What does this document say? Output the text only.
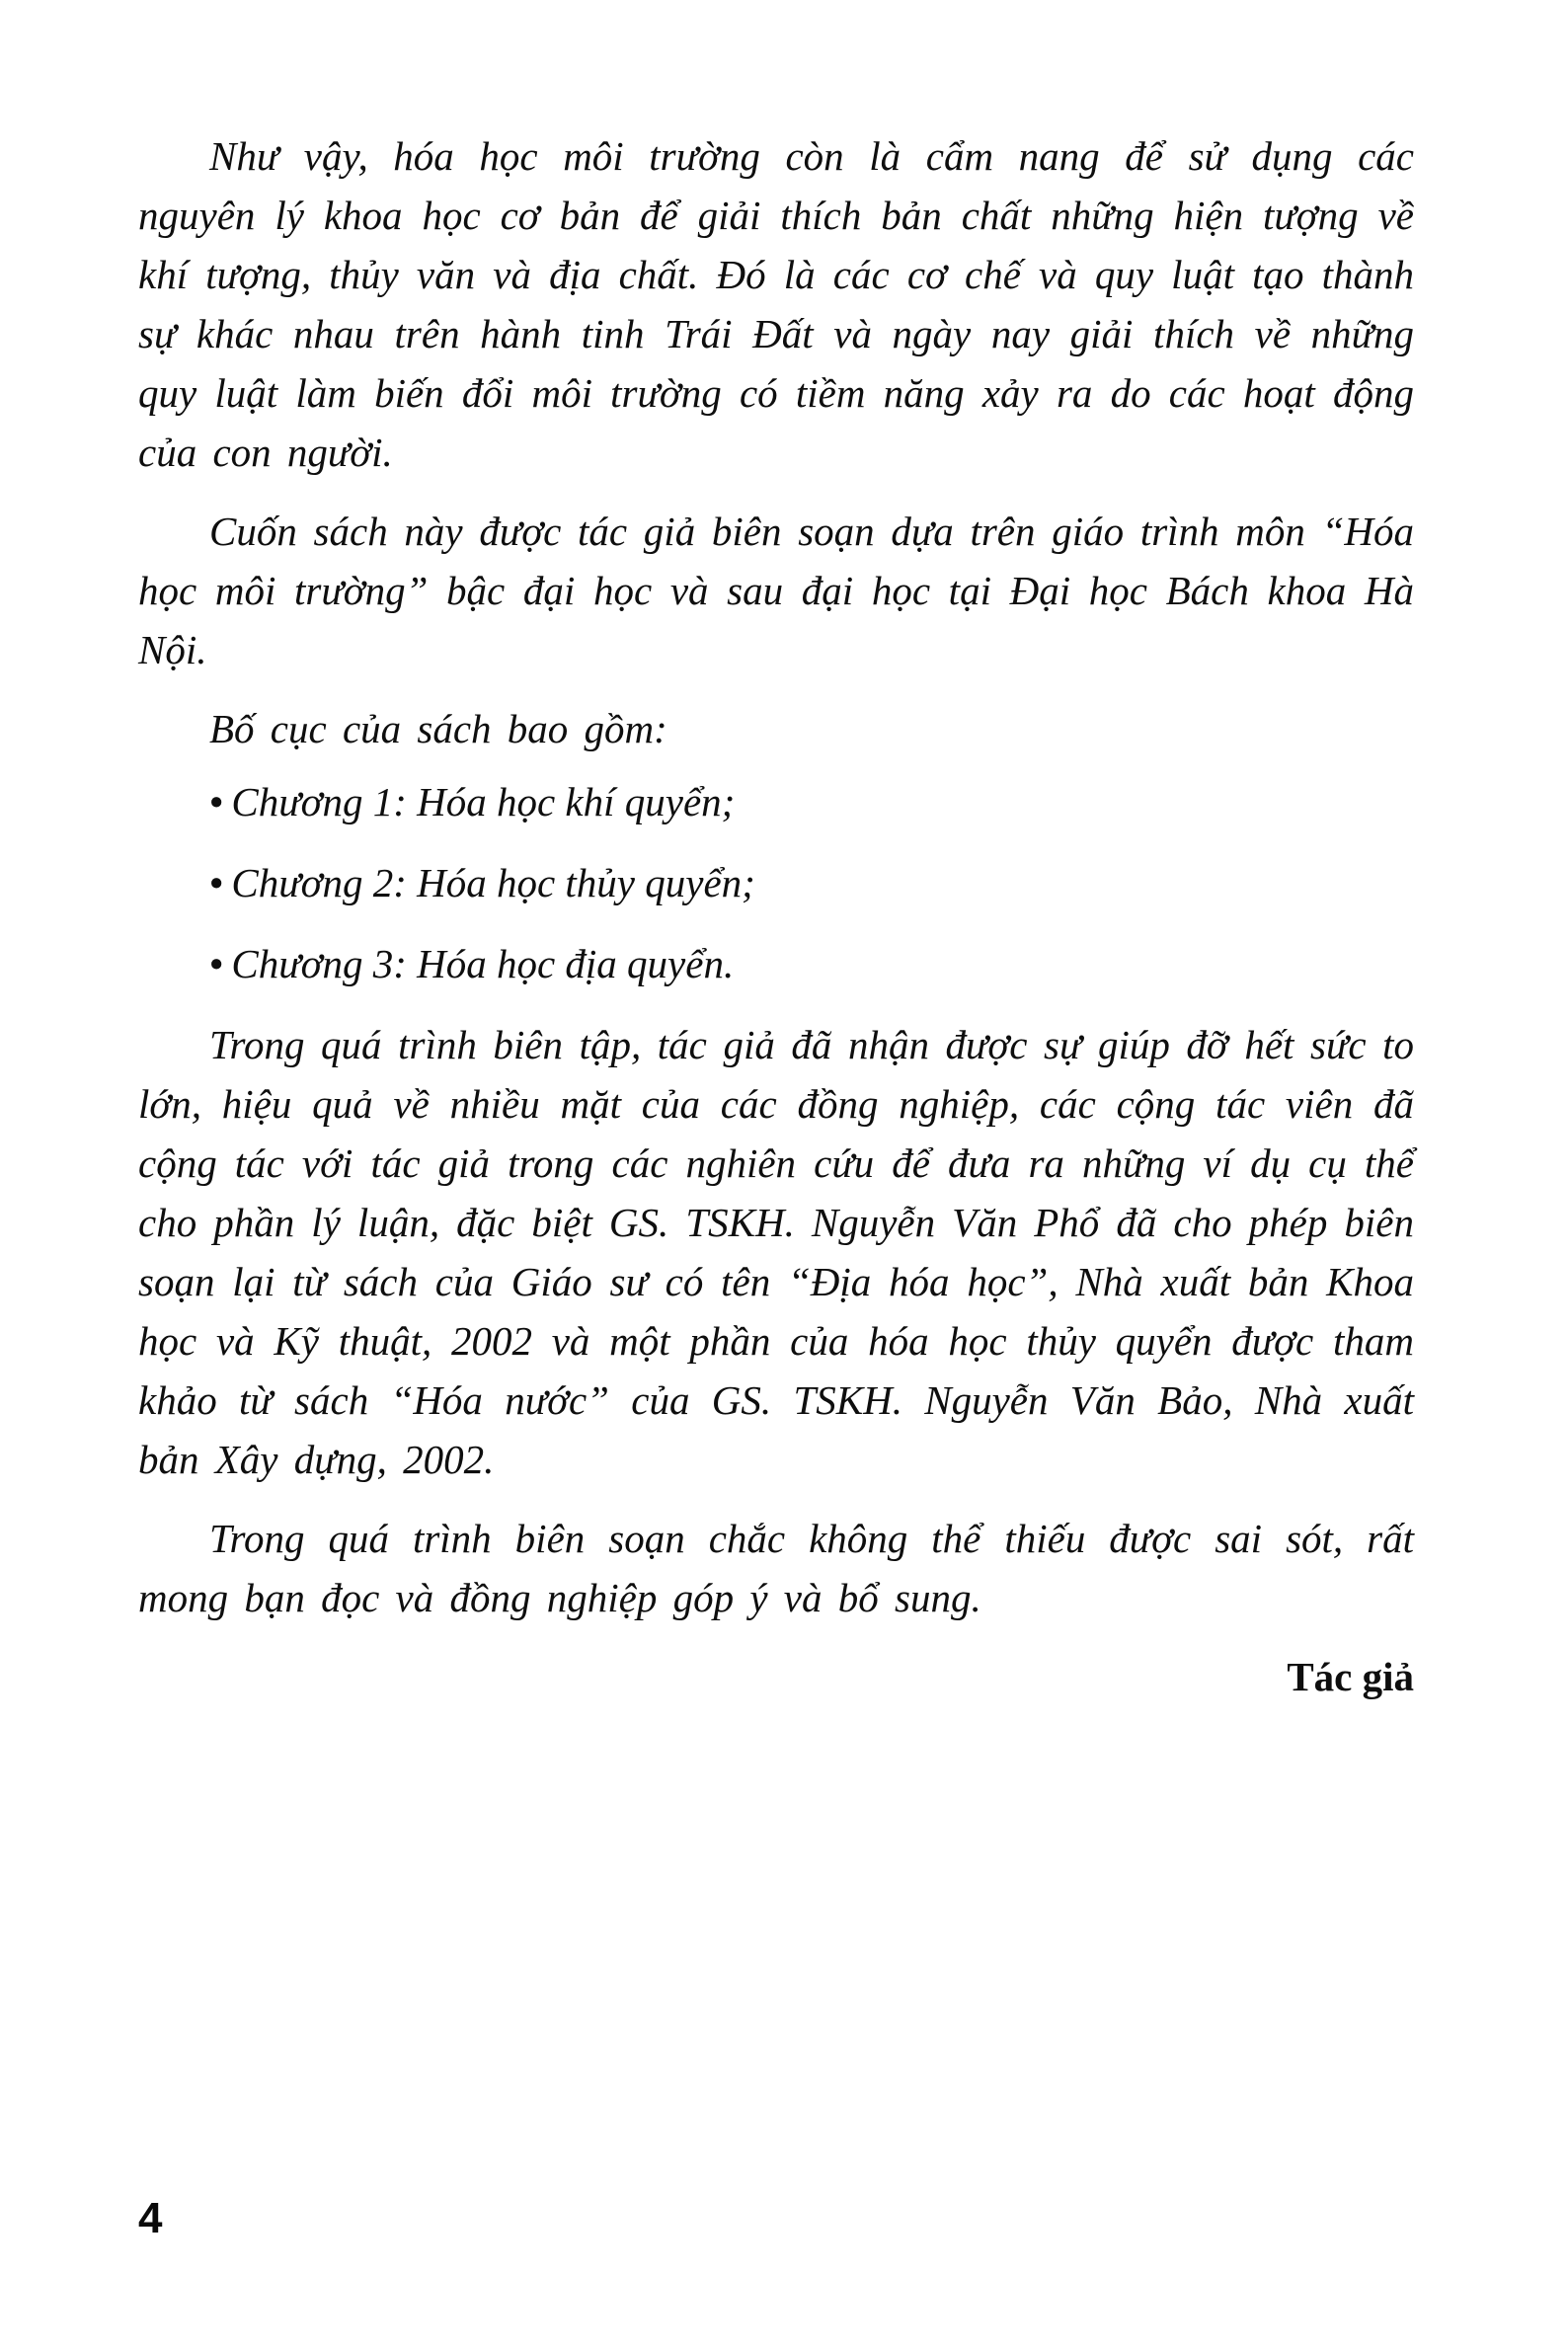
Như vậy, hóa học môi trường còn là cẩm nang để sử dụng các nguyên lý khoa học cơ bản để giải thích bản chất những hiện tượng về khí tượng, thủy văn và địa chất. Đó là các cơ chế và quy luật tạo thành sự khác nhau trên hành tinh Trái Đất và ngày nay giải thích về những quy luật làm biến đổi môi trường có tiềm năng xảy ra do các hoạt động của con người.

Cuốn sách này được tác giả biên soạn dựa trên giáo trình môn “Hóa học môi trường” bậc đại học và sau đại học tại Đại học Bách khoa Hà Nội.

Bố cục của sách bao gồm:

• Chương 1: Hóa học khí quyển;
• Chương 2: Hóa học thủy quyển;
• Chương 3: Hóa học địa quyển.

Trong quá trình biên tập, tác giả đã nhận được sự giúp đỡ hết sức to lớn, hiệu quả về nhiều mặt của các đồng nghiệp, các cộng tác viên đã cộng tác với tác giả trong các nghiên cứu để đưa ra những ví dụ cụ thể cho phần lý luận, đặc biệt GS. TSKH. Nguyễn Văn Phổ đã cho phép biên soạn lại từ sách của Giáo sư có tên “Địa hóa học”, Nhà xuất bản Khoa học và Kỹ thuật, 2002 và một phần của hóa học thủy quyển được tham khảo từ sách “Hóa nước” của GS. TSKH. Nguyễn Văn Bảo, Nhà xuất bản Xây dựng, 2002.

Trong quá trình biên soạn chắc không thể thiếu được sai sót, rất mong bạn đọc và đồng nghiệp góp ý và bổ sung.

Tác giả
4
